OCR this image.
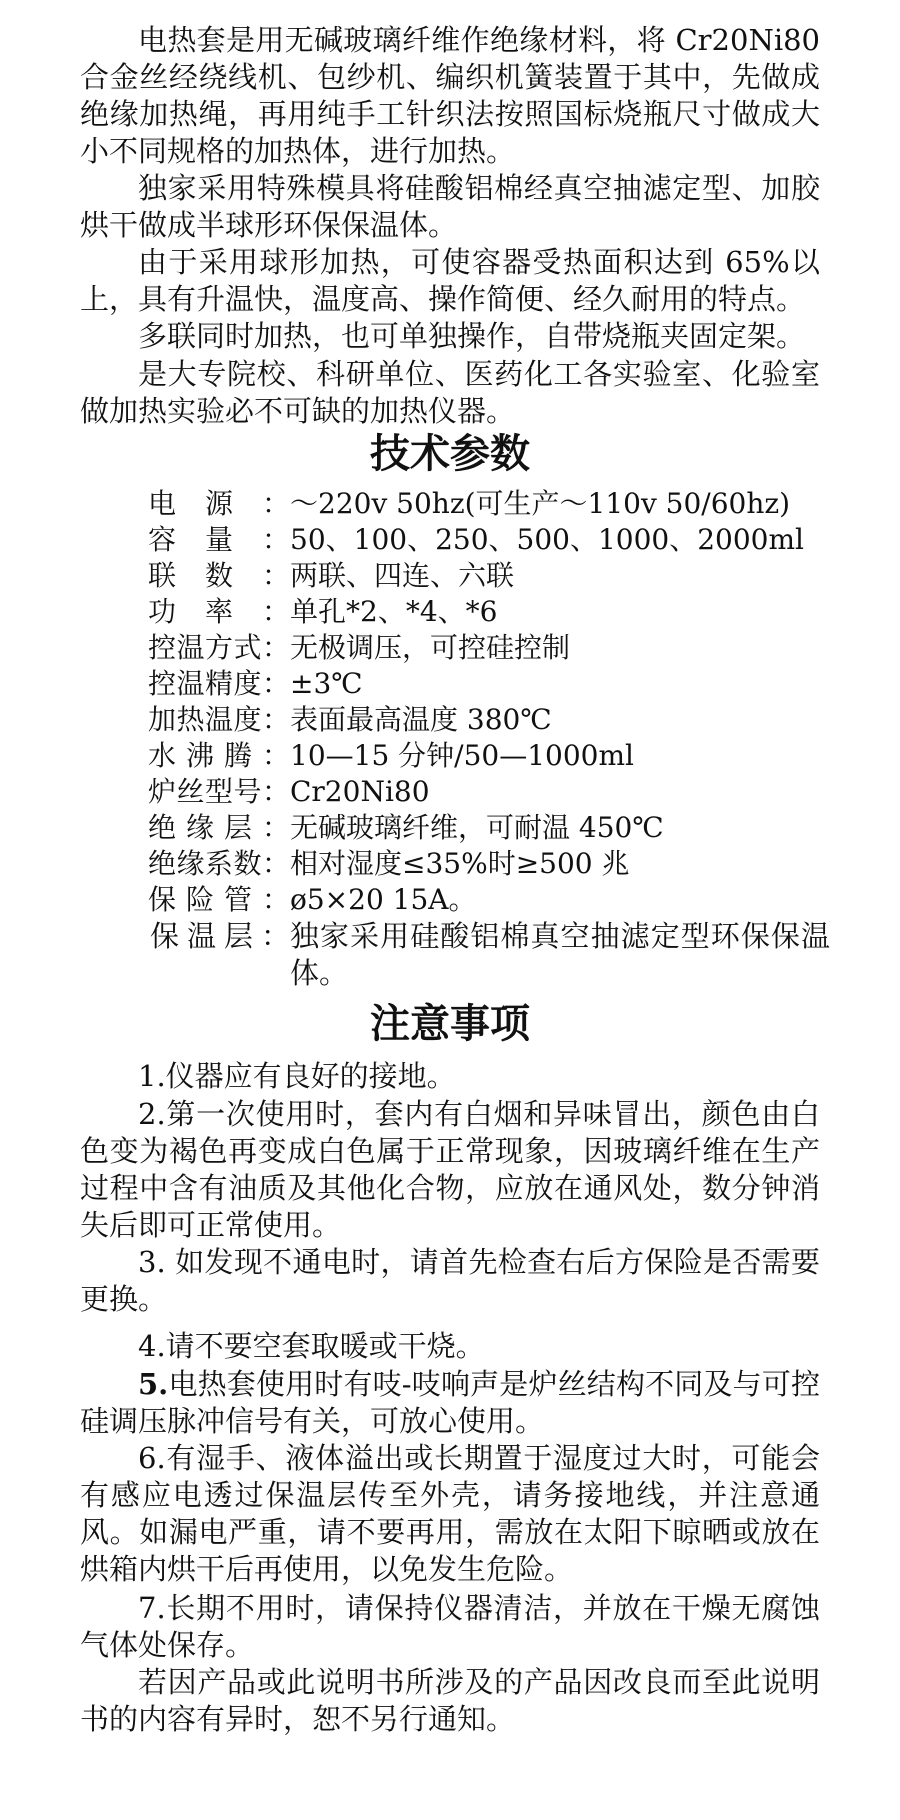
电热套是用无碱玻璃纤维作绝缘材料，将 Cr20Ni80 合金丝经绕线机、包纱机、编织机簧装置于其中，先做成绝缘加热绳，再用纯手工针织法按照国标烧瓶尺寸做成大小不同规格的加热体，进行加热。

独家采用特殊模具将硅酸铝棉经真空抽滤定型、加胶烘干做成半球形环保保温体。

由于采用球形加热，可使容器受热面积达到 65%以上，具有升温快，温度高、操作简便、经久耐用的特点。

多联同时加热，也可单独操作，自带烧瓶夹固定架。

是大专院校、科研单位、医药化工各实验室、化验室做加热实验必不可缺的加热仪器。

技术参数
电源： ～220v 50hz(可生产～110v 50/60hz)
容量： 50、100、250、500、1000、2000ml
联数： 两联、四连、六联
功率： 单孔*2、*4、*6
控温方式： 无极调压，可控硅控制
控温精度： ±3℃
加热温度： 表面最高温度 380℃
水沸腾： 10—15 分钟/50—1000ml
炉丝型号： Cr20Ni80
绝缘层： 无碱玻璃纤维，可耐温 450℃
绝缘系数： 相对湿度≤35%时≥500 兆
保险管： ø5×20 15A。
保温层： 独家采用硅酸铝棉真空抽滤定型环保保温体。
注意事项

1.仪器应有良好的接地。

2.第一次使用时，套内有白烟和异味冒出，颜色由白色变为褐色再变成白色属于正常现象，因玻璃纤维在生产过程中含有油质及其他化合物，应放在通风处，数分钟消失后即可正常使用。

3. 如发现不通电时，请首先检查右后方保险是否需要更换。

4.请不要空套取暖或干烧。

5.电热套使用时有吱-吱响声是炉丝结构不同及与可控硅调压脉冲信号有关，可放心使用。

6.有湿手、液体溢出或长期置于湿度过大时，可能会有感应电透过保温层传至外壳，请务接地线，并注意通风。如漏电严重，请不要再用，需放在太阳下晾晒或放在烘箱内烘干后再使用，以免发生危险。

7.长期不用时，请保持仪器清洁，并放在干燥无腐蚀气体处保存。

若因产品或此说明书所涉及的产品因改良而至此说明书的内容有异时，恕不另行通知。
